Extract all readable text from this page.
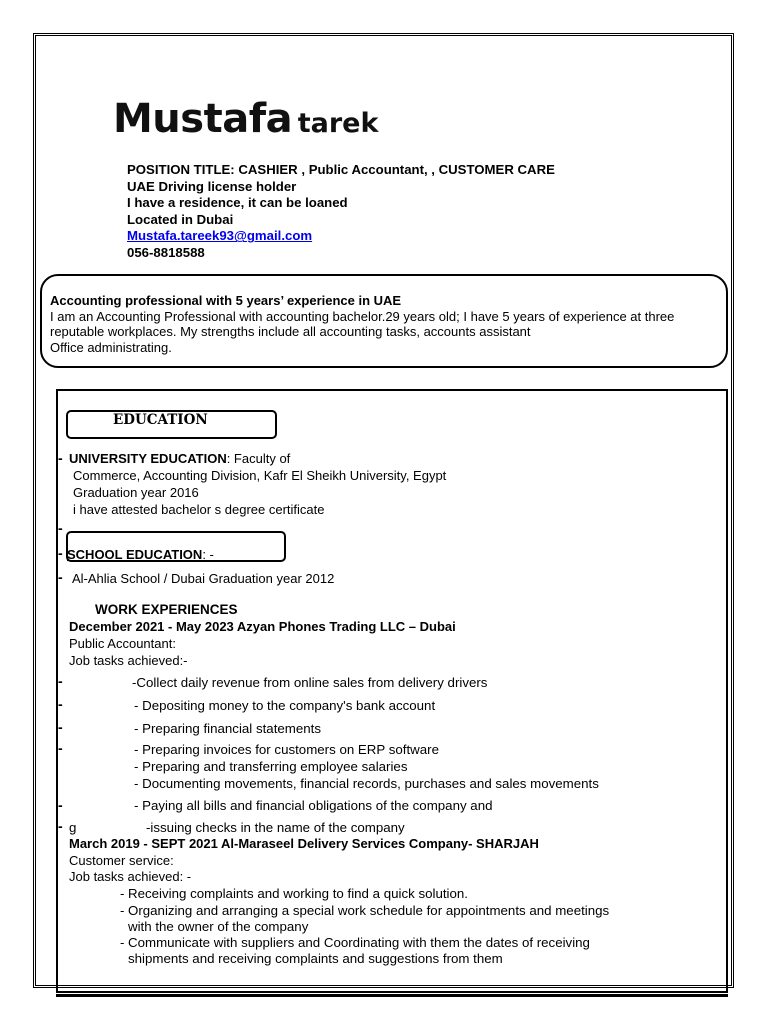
Mustafa tarek
POSITION TITLE: CASHIER , Public Accountant, , CUSTOMER CARE
UAE Driving license holder
I have a residence, it can be loaned
Located in Dubai
Mustafa.tareek93@gmail.com
056-8818588
Accounting professional with 5 years’ experience in UAE
I am an Accounting Professional with accounting bachelor.29 years old; I have 5 years of experience at three
reputable workplaces. My strengths include all accounting tasks, accounts assistant
Office administrating.
EDUCATION
- UNIVERSITY EDUCATION: Faculty of
Commerce, Accounting Division, Kafr El Sheikh University, Egypt
Graduation year 2016
i have attested bachelor s degree certificate
-
- SCHOOL EDUCATION: -
- Al-Ahlia School / Dubai Graduation year 2012
WORK EXPERIENCES
December 2021 - May 2023 Azyan Phones Trading LLC – Dubai
Public Accountant:
Job tasks achieved:-
-	-Collect daily revenue from online sales from delivery drivers
-	- Depositing money to the company's bank account
-	- Preparing financial statements
-	- Preparing invoices for customers on ERP software
- Preparing and transferring employee salaries
- Documenting movements, financial records, purchases and sales movements
-	- Paying all bills and financial obligations of the company and
- g	-issuing checks in the name of the company
March 2019 - SEPT 2021 Al-Maraseel Delivery Services Company- SHARJAH
Customer service:
Job tasks achieved: -
- Receiving complaints and working to find a quick solution.
- Organizing and arranging a special work schedule for appointments and meetings
with the owner of the company
- Communicate with suppliers and Coordinating with them the dates of receiving
shipments and receiving complaints and suggestions from them
